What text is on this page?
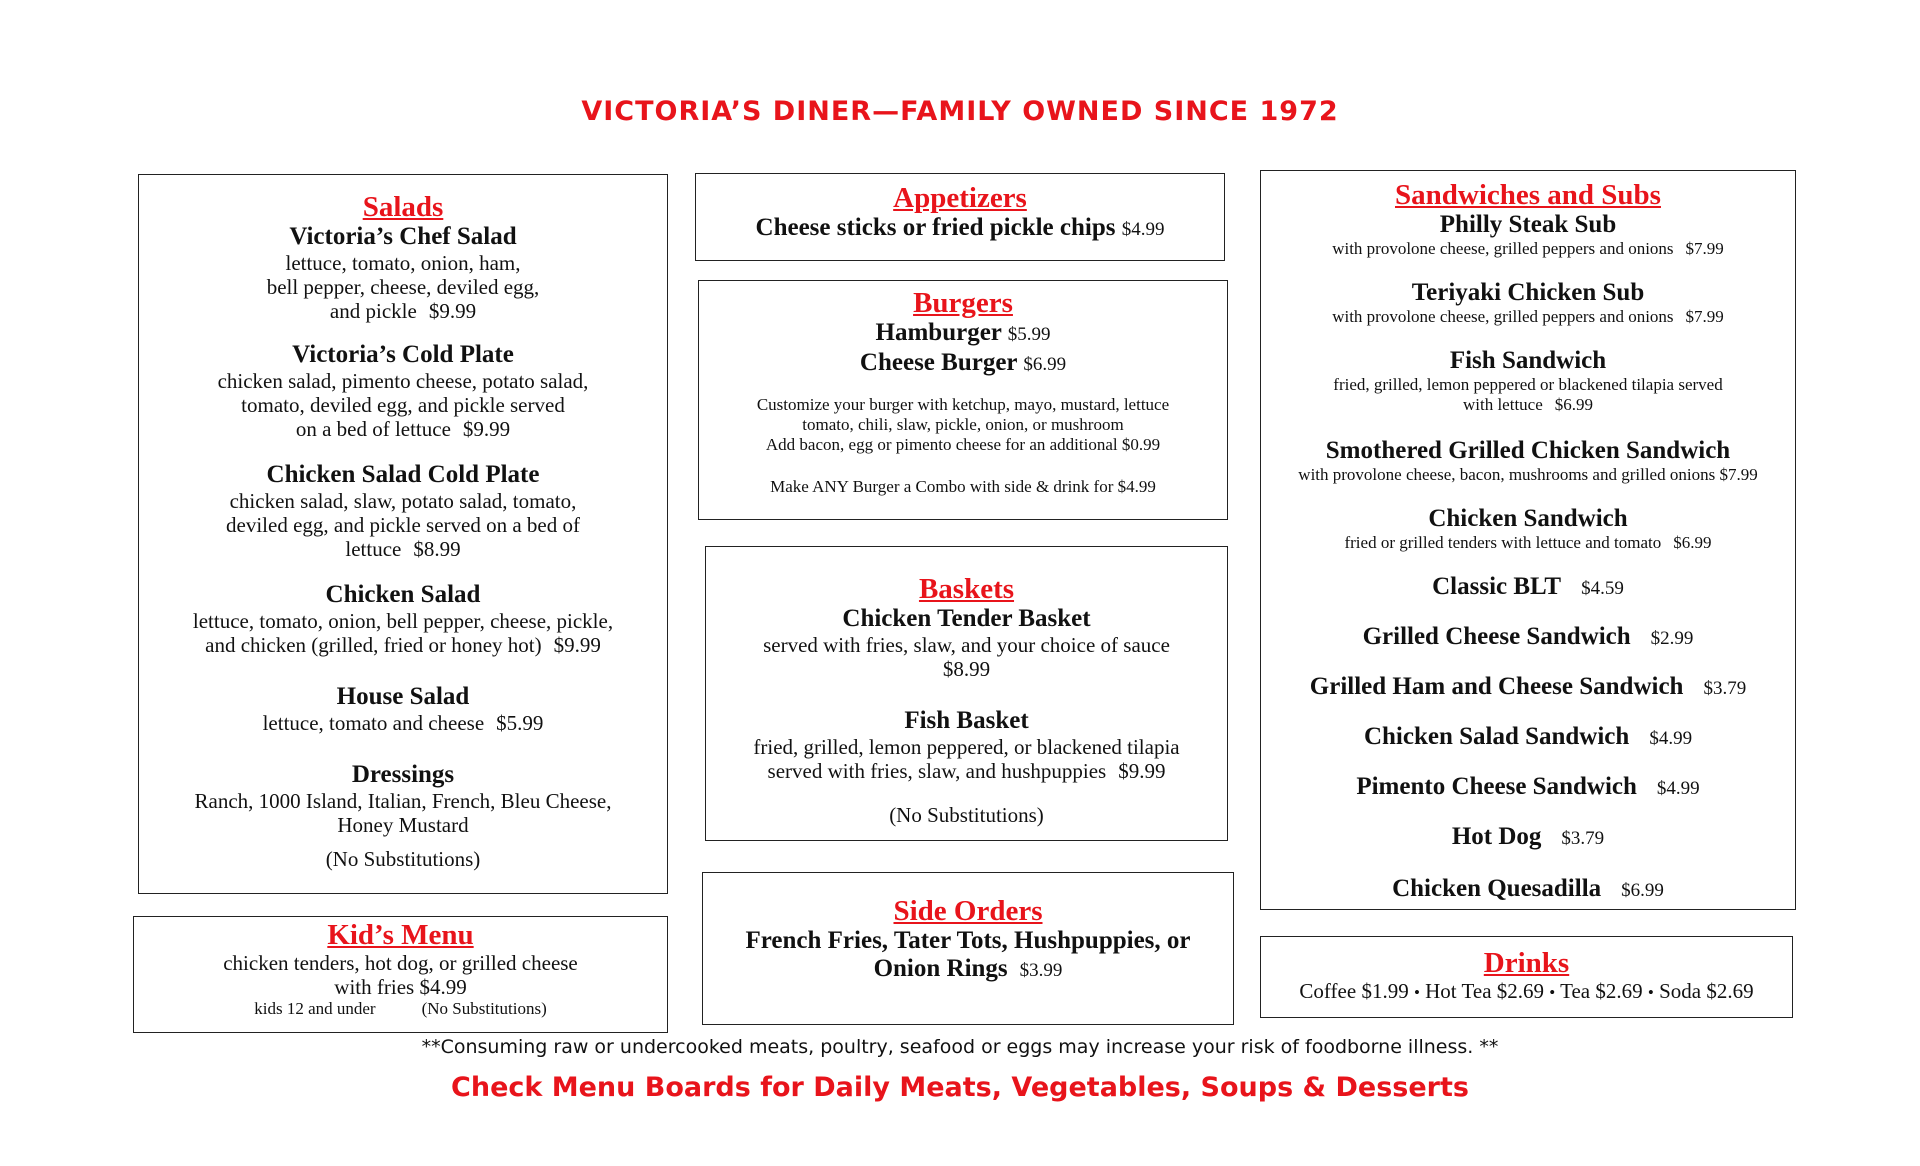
VICTORIA’S DINER—FAMILY OWNED SINCE 1972
Salads
Victoria’s Chef Salad
lettuce, tomato, onion, ham,
bell pepper, cheese, deviled egg,
and pickle $9.99
Victoria’s Cold Plate
chicken salad, pimento cheese, potato salad,
tomato, deviled egg, and pickle served
on a bed of lettuce $9.99
Chicken Salad Cold Plate
chicken salad, slaw, potato salad, tomato,
deviled egg, and pickle served on a bed of
lettuce $8.99
Chicken Salad
lettuce, tomato, onion, bell pepper, cheese, pickle,
and chicken (grilled, fried or honey hot) $9.99
House Salad
lettuce, tomato and cheese $5.99
Dressings
Ranch, 1000 Island, Italian, French, Bleu Cheese,
Honey Mustard
(No Substitutions)
Kid’s Menu
chicken tenders, hot dog, or grilled cheese
with fries $4.99
kids 12 and under	(No Substitutions)
Appetizers
Cheese sticks or fried pickle chips $4.99
Burgers
Hamburger $5.99
Cheese Burger $6.99
Customize your burger with ketchup, mayo, mustard, lettuce
tomato, chili, slaw, pickle, onion, or mushroom
Add bacon, egg or pimento cheese for an additional $0.99
Make ANY Burger a Combo with side & drink for $4.99
Baskets
Chicken Tender Basket
served with fries, slaw, and your choice of sauce
$8.99
Fish Basket
fried, grilled, lemon peppered, or blackened tilapia
served with fries, slaw, and hushpuppies $9.99
(No Substitutions)
Side Orders
French Fries, Tater Tots, Hushpuppies, or
Onion Rings $3.99
Sandwiches and Subs
Philly Steak Sub
with provolone cheese, grilled peppers and onions $7.99
Teriyaki Chicken Sub
with provolone cheese, grilled peppers and onions $7.99
Fish Sandwich
fried, grilled, lemon peppered or blackened tilapia served
with lettuce $6.99
Smothered Grilled Chicken Sandwich
with provolone cheese, bacon, mushrooms and grilled onions $7.99
Chicken Sandwich
fried or grilled tenders with lettuce and tomato $6.99
Classic BLT $4.59
Grilled Cheese Sandwich $2.99
Grilled Ham and Cheese Sandwich $3.79
Chicken Salad Sandwich $4.99
Pimento Cheese Sandwich $4.99
Hot Dog $3.79
Chicken Quesadilla $6.99
Drinks
Coffee $1.99 • Hot Tea $2.69 • Tea $2.69 • Soda $2.69
**Consuming raw or undercooked meats, poultry, seafood or eggs may increase your risk of foodborne illness. **
Check Menu Boards for Daily Meats, Vegetables, Soups & Desserts
